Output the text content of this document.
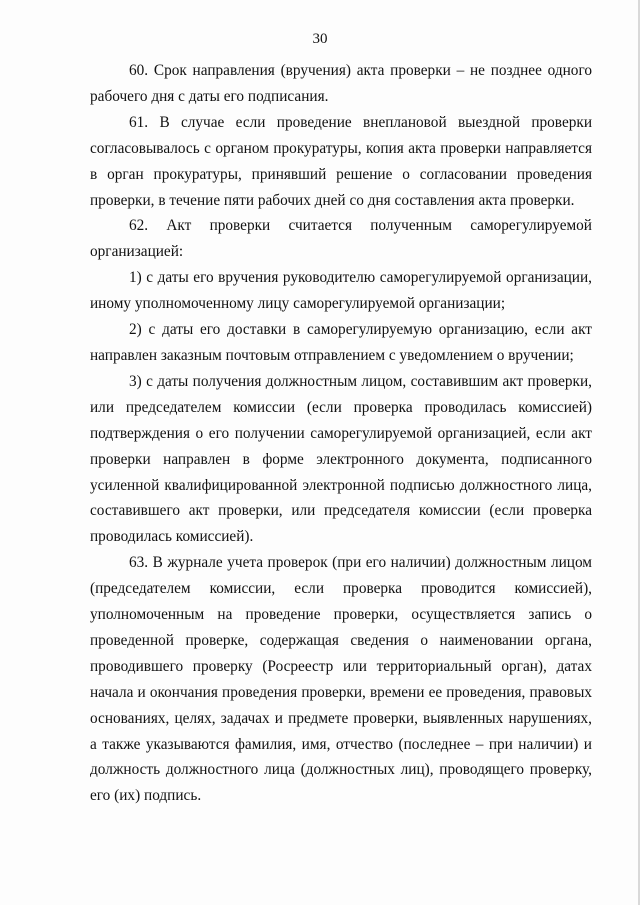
30

60. Срок направления (вручения) акта проверки – не позднее одного рабочего дня с даты его подписания.

61. В случае если проведение внеплановой выездной проверки согласовывалось с органом прокуратуры, копия акта проверки направляется в орган прокуратуры, принявший решение о согласовании проведения проверки, в течение пяти рабочих дней со дня составления акта проверки.

62. Акт проверки считается полученным саморегулируемой организацией:

1) с даты его вручения руководителю саморегулируемой организации, иному уполномоченному лицу саморегулируемой организации;

2) с даты его доставки в саморегулируемую организацию, если акт направлен заказным почтовым отправлением с уведомлением о вручении;

3) с даты получения должностным лицом, составившим акт проверки, или председателем комиссии (если проверка проводилась комиссией) подтверждения о его получении саморегулируемой организацией, если акт проверки направлен в форме электронного документа, подписанного усиленной квалифицированной электронной подписью должностного лица, составившего акт проверки, или председателя комиссии (если проверка проводилась комиссией).

63. В журнале учета проверок (при его наличии) должностным лицом (председателем комиссии, если проверка проводится комиссией), уполномоченным на проведение проверки, осуществляется запись о проведенной проверке, содержащая сведения о наименовании органа, проводившего проверку (Росреестр или территориальный орган), датах начала и окончания проведения проверки, времени ее проведения, правовых основаниях, целях, задачах и предмете проверки, выявленных нарушениях, а также указываются фамилия, имя, отчество (последнее – при наличии) и должность должностного лица (должностных лиц), проводящего проверку, его (их) подпись.
